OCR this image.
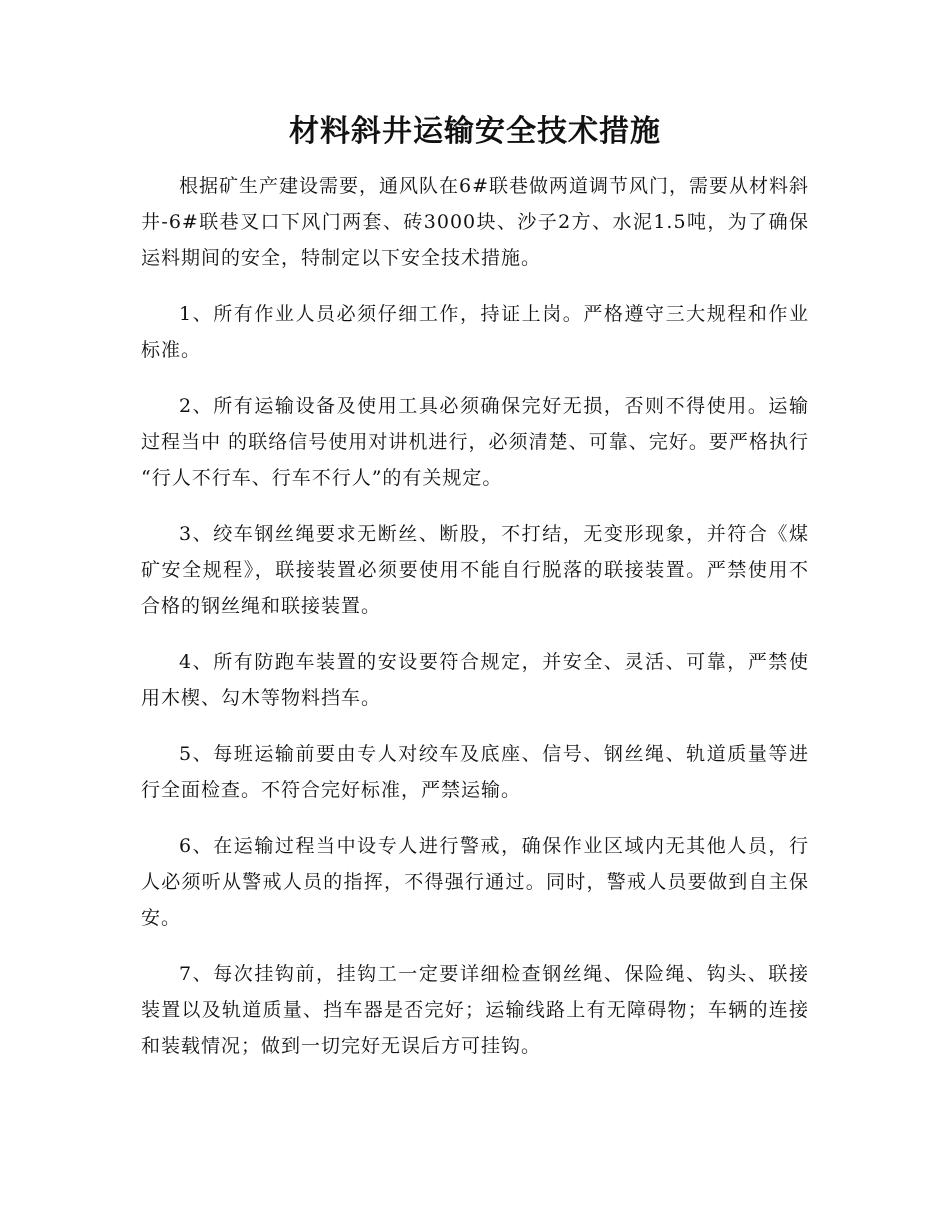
材料斜井运输安全技术措施

根据矿生产建设需要，通风队在6#联巷做两道调节风门，需要从材料斜井-6#联巷叉口下风门两套、砖3000块、沙子2方、水泥1.5吨，为了确保运料期间的安全，特制定以下安全技术措施。

1、所有作业人员必须仔细工作，持证上岗。严格遵守三大规程和作业标准。

2、所有运输设备及使用工具必须确保完好无损，否则不得使用。运输过程当中 的联络信号使用对讲机进行，必须清楚、可靠、完好。要严格执行 “行人不行车、行车不行人”的有关规定。

3、绞车钢丝绳要求无断丝、断股，不打结，无变形现象，并符合《煤矿安全规程》，联接装置必须要使用不能自行脱落的联接装置。严禁使用不合格的钢丝绳和联接装置。

4、所有防跑车装置的安设要符合规定，并安全、灵活、可靠，严禁使用木楔、勾木等物料挡车。

5、每班运输前要由专人对绞车及底座、信号、钢丝绳、轨道质量等进行全面检查。不符合完好标准，严禁运输。

6、在运输过程当中设专人进行警戒，确保作业区域内无其他人员，行人必须听从警戒人员的指挥，不得强行通过。同时，警戒人员要做到自主保安。

7、每次挂钩前，挂钩工一定要详细检查钢丝绳、保险绳、钩头、联接装置以及轨道质量、挡车器是否完好；运输线路上有无障碍物；车辆的连接和装载情况；做到一切完好无误后方可挂钩。
